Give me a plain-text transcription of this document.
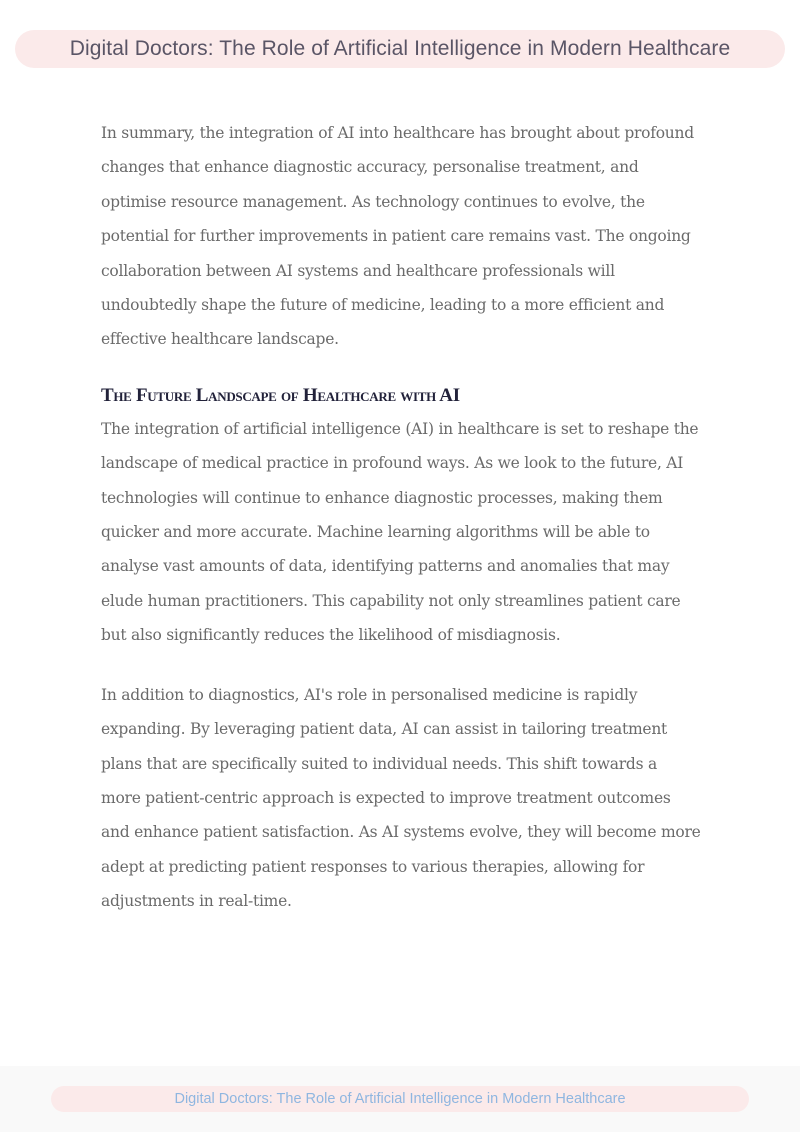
Digital Doctors: The Role of Artificial Intelligence in Modern Healthcare

In summary, the integration of AI into healthcare has brought about profound changes that enhance diagnostic accuracy, personalise treatment, and optimise resource management. As technology continues to evolve, the potential for further improvements in patient care remains vast. The ongoing collaboration between AI systems and healthcare professionals will undoubtedly shape the future of medicine, leading to a more efficient and effective healthcare landscape.

The Future Landscape of Healthcare with AI

The integration of artificial intelligence (AI) in healthcare is set to reshape the landscape of medical practice in profound ways. As we look to the future, AI technologies will continue to enhance diagnostic processes, making them quicker and more accurate. Machine learning algorithms will be able to analyse vast amounts of data, identifying patterns and anomalies that may elude human practitioners. This capability not only streamlines patient care but also significantly reduces the likelihood of misdiagnosis.

In addition to diagnostics, AI's role in personalised medicine is rapidly expanding. By leveraging patient data, AI can assist in tailoring treatment plans that are specifically suited to individual needs. This shift towards a more patient-centric approach is expected to improve treatment outcomes and enhance patient satisfaction. As AI systems evolve, they will become more adept at predicting patient responses to various therapies, allowing for adjustments in real-time.

Digital Doctors: The Role of Artificial Intelligence in Modern Healthcare
